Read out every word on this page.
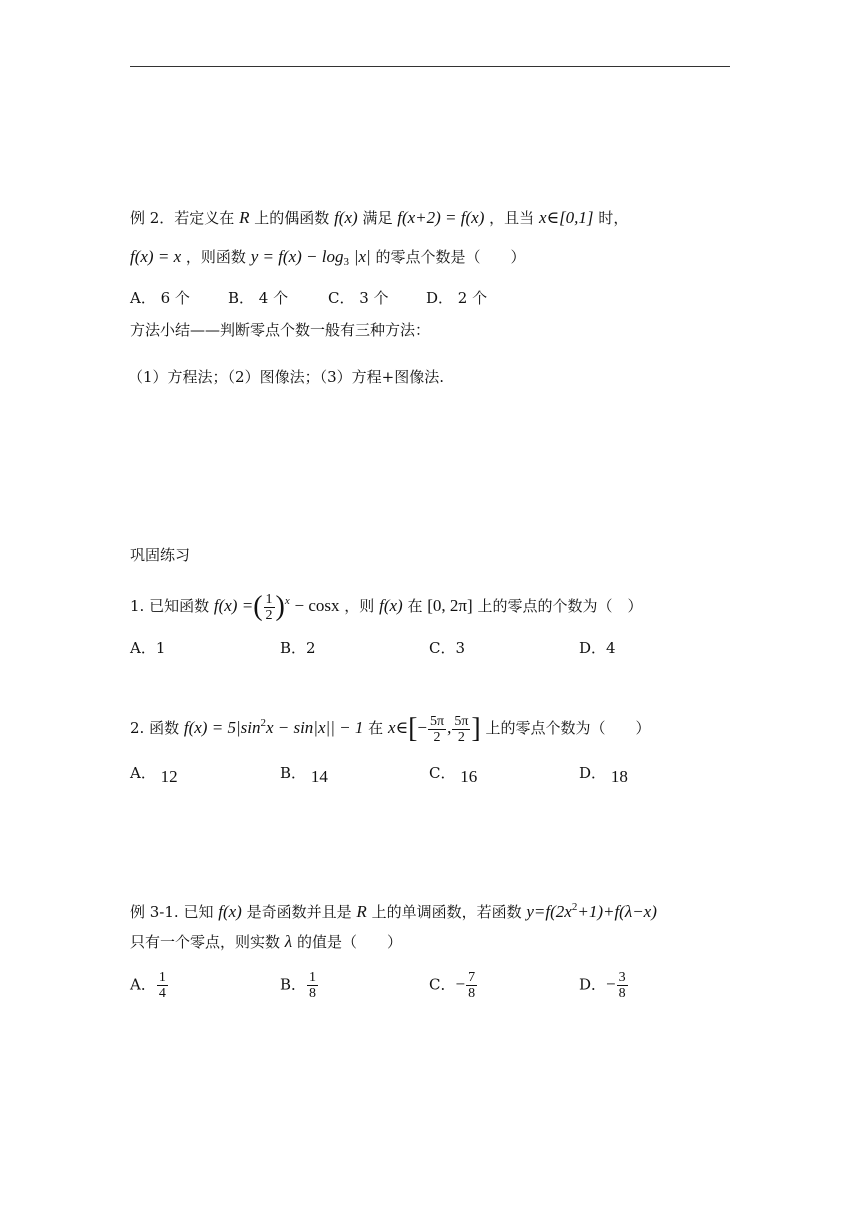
例 2．若定义在 R 上的偶函数 f(x) 满足 f(x+2) = f(x) ，且当 x∈[0,1] 时，
f(x) = x ，则函数 $y = f(x) - \log_3 |x|$ 的零点个数是（　　）
A． 6 个	B． 4 个	C． 3 个 D． 2 个
方法小结——判断零点个数一般有三种方法：
（1）方程法；（2）图像法；（3）方程+图像法.
巩固练习
1. 已知函数 f(x) =( $\frac{1}{2} )^x - \cos x$ ，则 f(x) 在 [0, 2π] 上的零点的个数为（　）
A．1	B．2	C．3	D．4
2. 函数 $f(x) = 5|\sin^2x - \sin|x|| - 1$ 在 x∈[− $\frac{5\pi}{2}$ , $\frac{5\pi}{2}$ ] 上的零点个数为（　　）
A． 12	B． 14	C． 16	D． 18
例 3-1. 已知 f(x) 是奇函数并且是 R 上的单调函数，若函数 $y=f(2x^2+1)+f(\lambda-x)$
只有一个零点，则实数 λ 的值是（　　）
A． $\frac{1}{4}$	B． $\frac{1}{8}$	C．− $\frac{7}{8}$	D．− $\frac{3}{8}$
